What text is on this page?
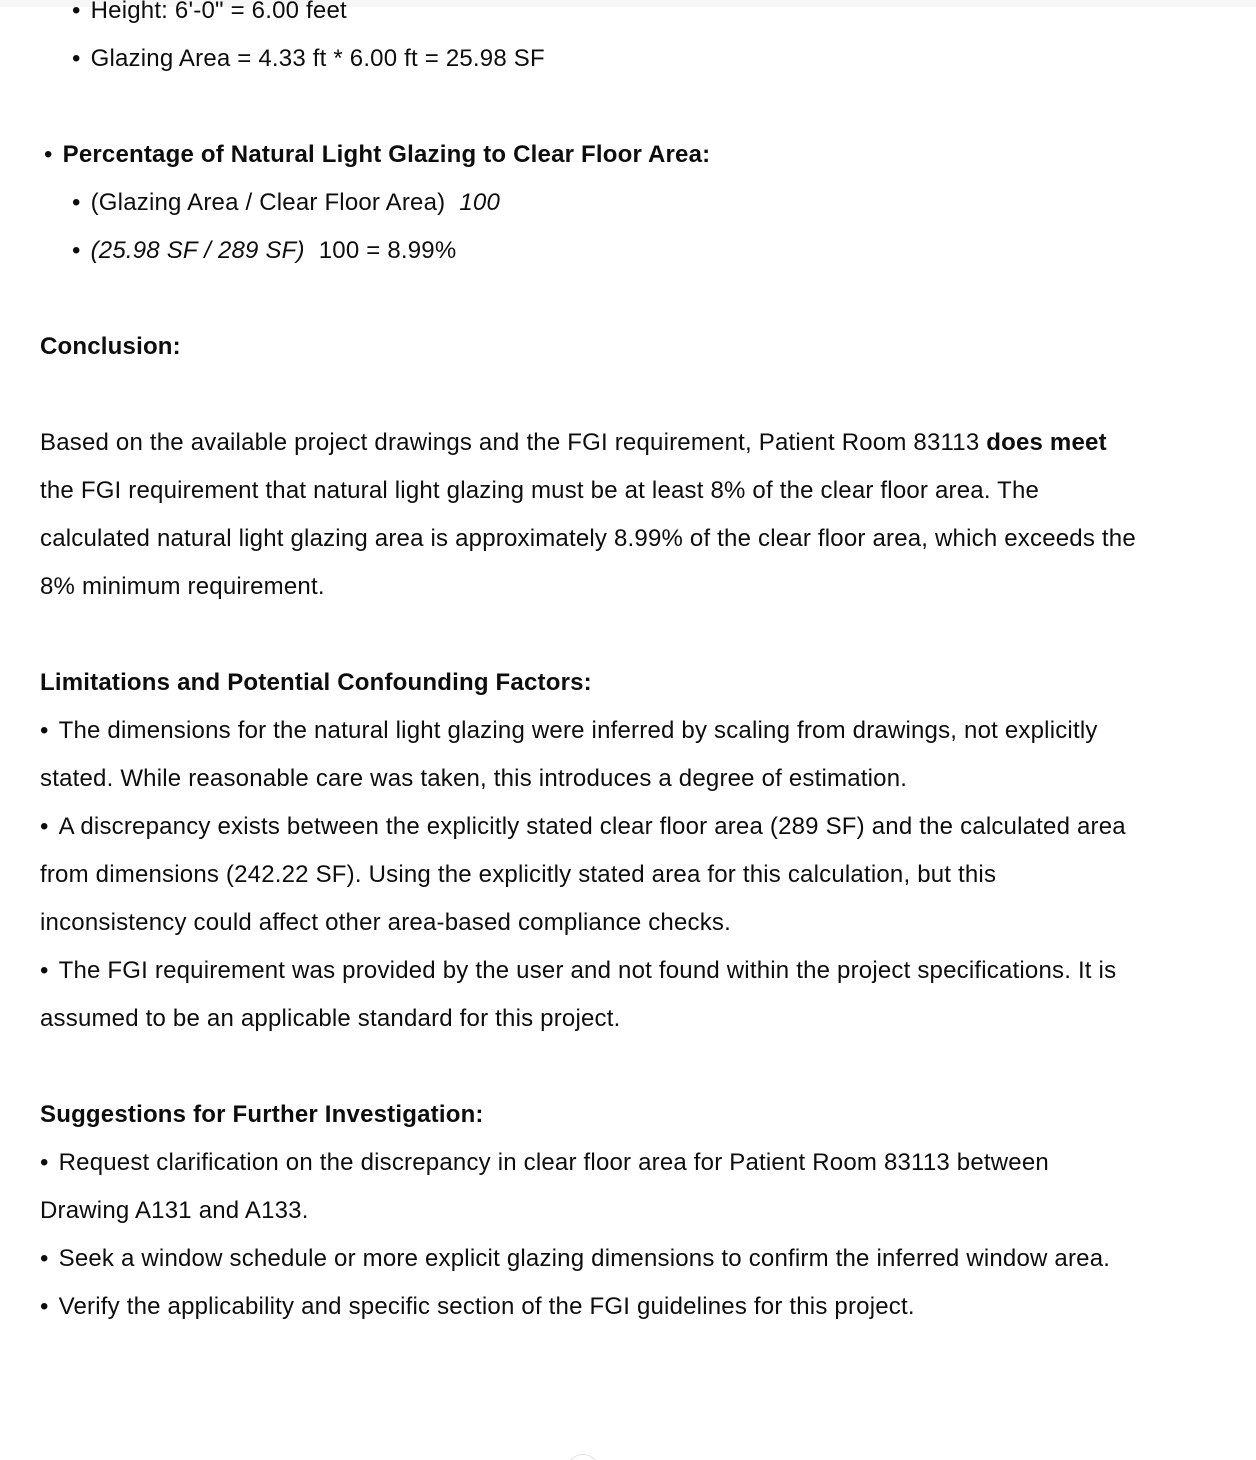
• Height: 6'-0" = 6.00 feet
• Glazing Area = 4.33 ft * 6.00 ft = 25.98 SF
• Percentage of Natural Light Glazing to Clear Floor Area:
• (Glazing Area / Clear Floor Area) 100
• (25.98 SF / 289 SF) 100 = 8.99%

Conclusion:

Based on the available project drawings and the FGI requirement, Patient Room 83113 does meet the FGI requirement that natural light glazing must be at least 8% of the clear floor area. The calculated natural light glazing area is approximately 8.99% of the clear floor area, which exceeds the 8% minimum requirement.

Limitations and Potential Confounding Factors:

• The dimensions for the natural light glazing were inferred by scaling from drawings, not explicitly stated. While reasonable care was taken, this introduces a degree of estimation.

• A discrepancy exists between the explicitly stated clear floor area (289 SF) and the calculated area from dimensions (242.22 SF). Using the explicitly stated area for this calculation, but this inconsistency could affect other area-based compliance checks.

• The FGI requirement was provided by the user and not found within the project specifications. It is assumed to be an applicable standard for this project.

Suggestions for Further Investigation:

• Request clarification on the discrepancy in clear floor area for Patient Room 83113 between Drawing A131 and A133.

• Seek a window schedule or more explicit glazing dimensions to confirm the inferred window area.

• Verify the applicability and specific section of the FGI guidelines for this project.
